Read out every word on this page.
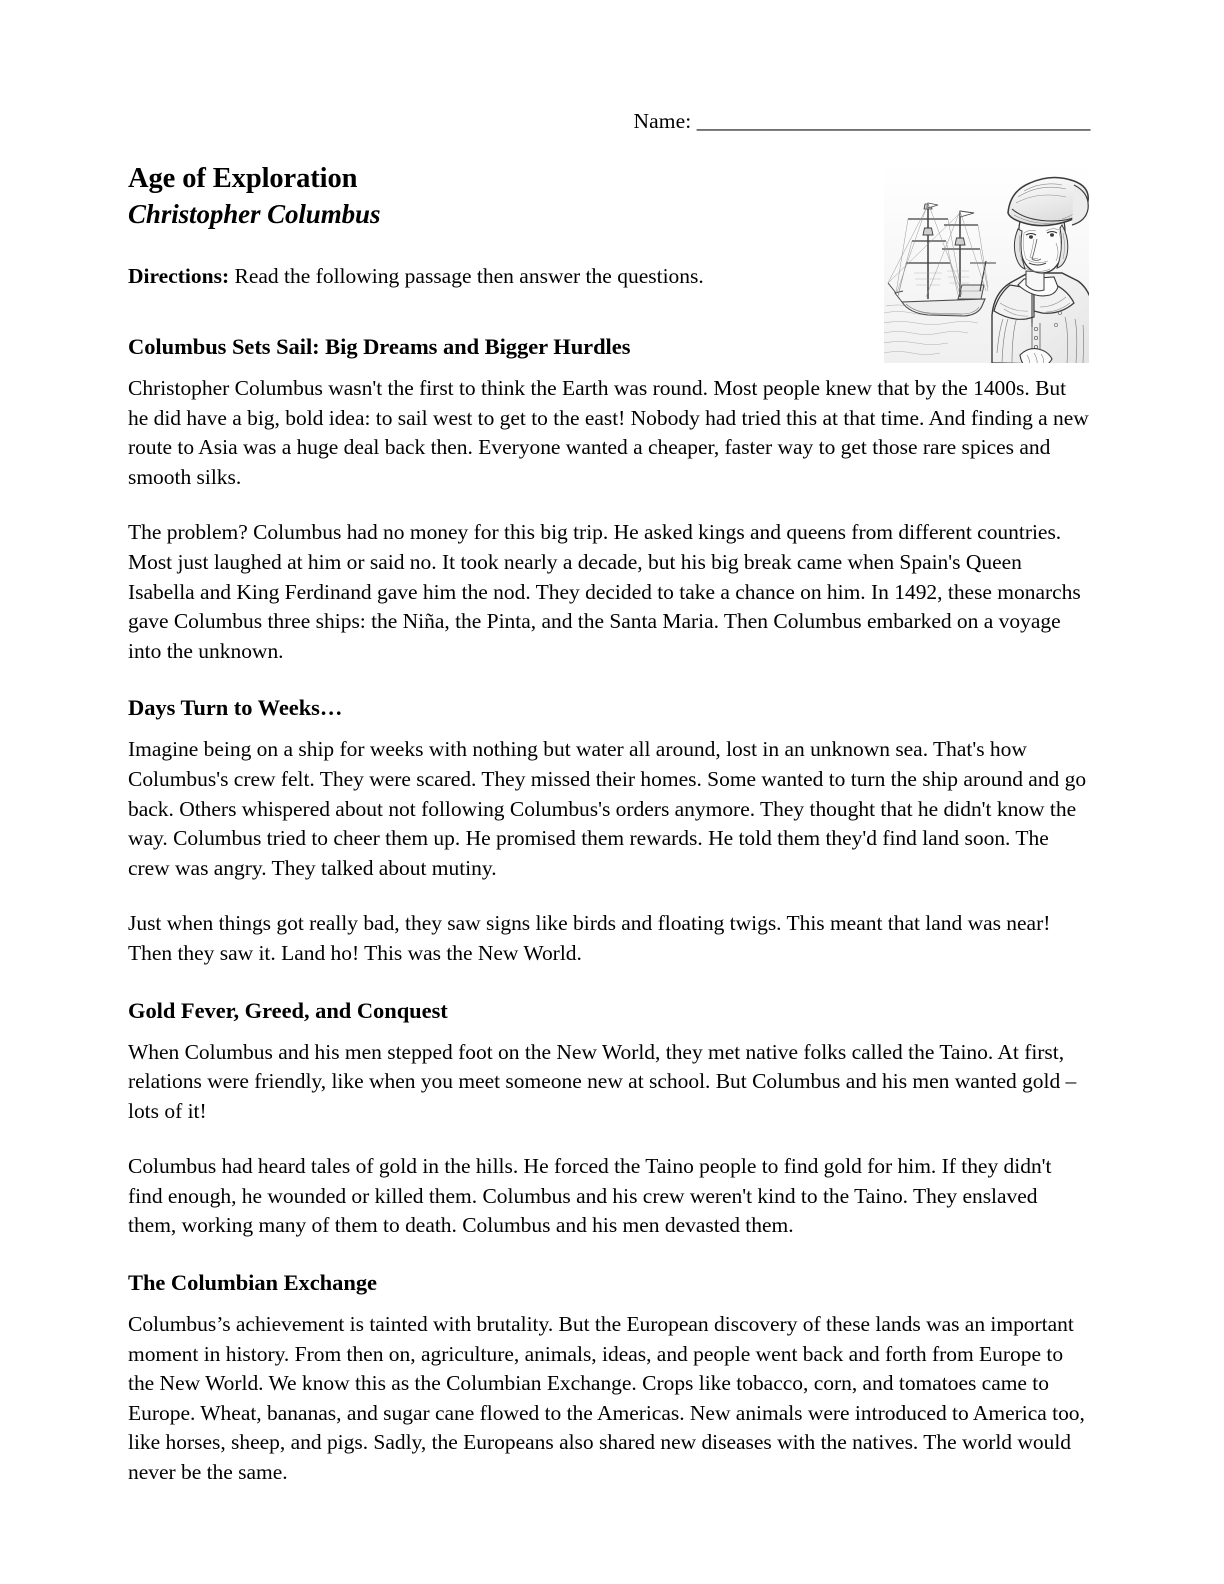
Name: ______________________________________
Age of Exploration
Christopher Columbus

Directions: Read the following passage then answer the questions.

Columbus Sets Sail: Big Dreams and Bigger Hurdles

Christopher Columbus wasn't the first to think the Earth was round. Most people knew that by the 1400s. But he did have a big, bold idea: to sail west to get to the east! Nobody had tried this at that time. And finding a new route to Asia was a huge deal back then. Everyone wanted a cheaper, faster way to get those rare spices and smooth silks.

The problem? Columbus had no money for this big trip. He asked kings and queens from different countries. Most just laughed at him or said no. It took nearly a decade, but his big break came when Spain's Queen Isabella and King Ferdinand gave him the nod. They decided to take a chance on him. In 1492, these monarchs gave Columbus three ships: the Niña, the Pinta, and the Santa Maria. Then Columbus embarked on a voyage into the unknown.

Days Turn to Weeks…

Imagine being on a ship for weeks with nothing but water all around, lost in an unknown sea. That's how Columbus's crew felt. They were scared. They missed their homes. Some wanted to turn the ship around and go back. Others whispered about not following Columbus's orders anymore. They thought that he didn't know the way. Columbus tried to cheer them up. He promised them rewards. He told them they'd find land soon. The crew was angry. They talked about mutiny.

Just when things got really bad, they saw signs like birds and floating twigs. This meant that land was near! Then they saw it. Land ho! This was the New World.

Gold Fever, Greed, and Conquest

When Columbus and his men stepped foot on the New World, they met native folks called the Taino. At first, relations were friendly, like when you meet someone new at school. But Columbus and his men wanted gold – lots of it!

Columbus had heard tales of gold in the hills. He forced the Taino people to find gold for him. If they didn't find enough, he wounded or killed them. Columbus and his crew weren't kind to the Taino. They enslaved them, working many of them to death. Columbus and his men devasted them.

The Columbian Exchange

Columbus’s achievement is tainted with brutality. But the European discovery of these lands was an important moment in history. From then on, agriculture, animals, ideas, and people went back and forth from Europe to the New World. We know this as the Columbian Exchange. Crops like tobacco, corn, and tomatoes came to Europe. Wheat, bananas, and sugar cane flowed to the Americas. New animals were introduced to America too, like horses, sheep, and pigs. Sadly, the Europeans also shared new diseases with the natives. The world would never be the same.
